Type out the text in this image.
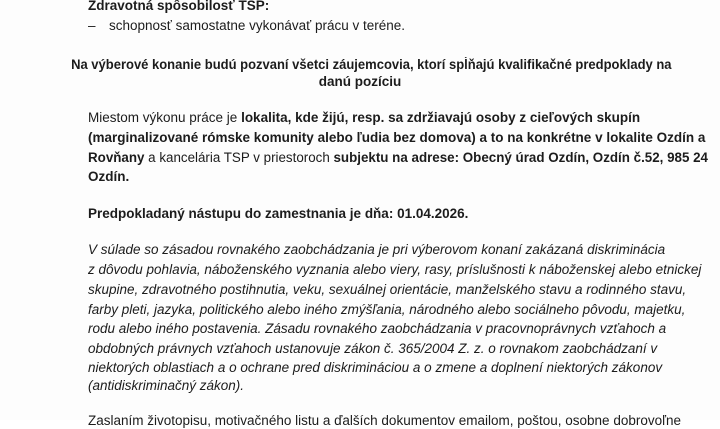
Zdravotná spôsobilosť TSP:
– schopnosť samostatne vykonávať prácu v teréne.
Na výberové konanie budú pozvaní všetci záujemcovia, ktorí spĺňajú kvalifikačné predpoklady na
danú pozíciu
Miestom výkonu práce je lokalita, kde žijú, resp. sa zdržiavajú osoby z cieľových skupín
(marginalizované rómske komunity alebo ľudia bez domova) a to na konkrétne v lokalite Ozdín a
Rovňany a kancelária TSP v priestoroch subjektu na adrese: Obecný úrad Ozdín, Ozdín č.52, 985 24
Ozdín.
Predpokladaný nástupu do zamestnania je dňa: 01.04.2026.
V súlade so zásadou rovnakého zaobchádzania je pri výberovom konaní zakázaná diskriminácia
z dôvodu pohlavia, náboženského vyznania alebo viery, rasy, príslušnosti k náboženskej alebo etnickej
skupine, zdravotného postihnutia, veku, sexuálnej orientácie, manželského stavu a rodinného stavu,
farby pleti, jazyka, politického alebo iného zmýšľania, národného alebo sociálneho pôvodu, majetku,
rodu alebo iného postavenia. Zásadu rovnakého zaobchádzania v pracovnoprávnych vzťahoch a
obdobných právnych vzťahoch ustanovuje zákon č. 365/2004 Z. z. o rovnakom zaobchádzaní v
niektorých oblastiach a o ochrane pred diskrimináciou a o zmene a doplnení niektorých zákonov
(antidiskriminačný zákon).
Zaslaním životopisu, motivačného listu a ďalších dokumentov emailom, poštou, osobne dobrovoľne
